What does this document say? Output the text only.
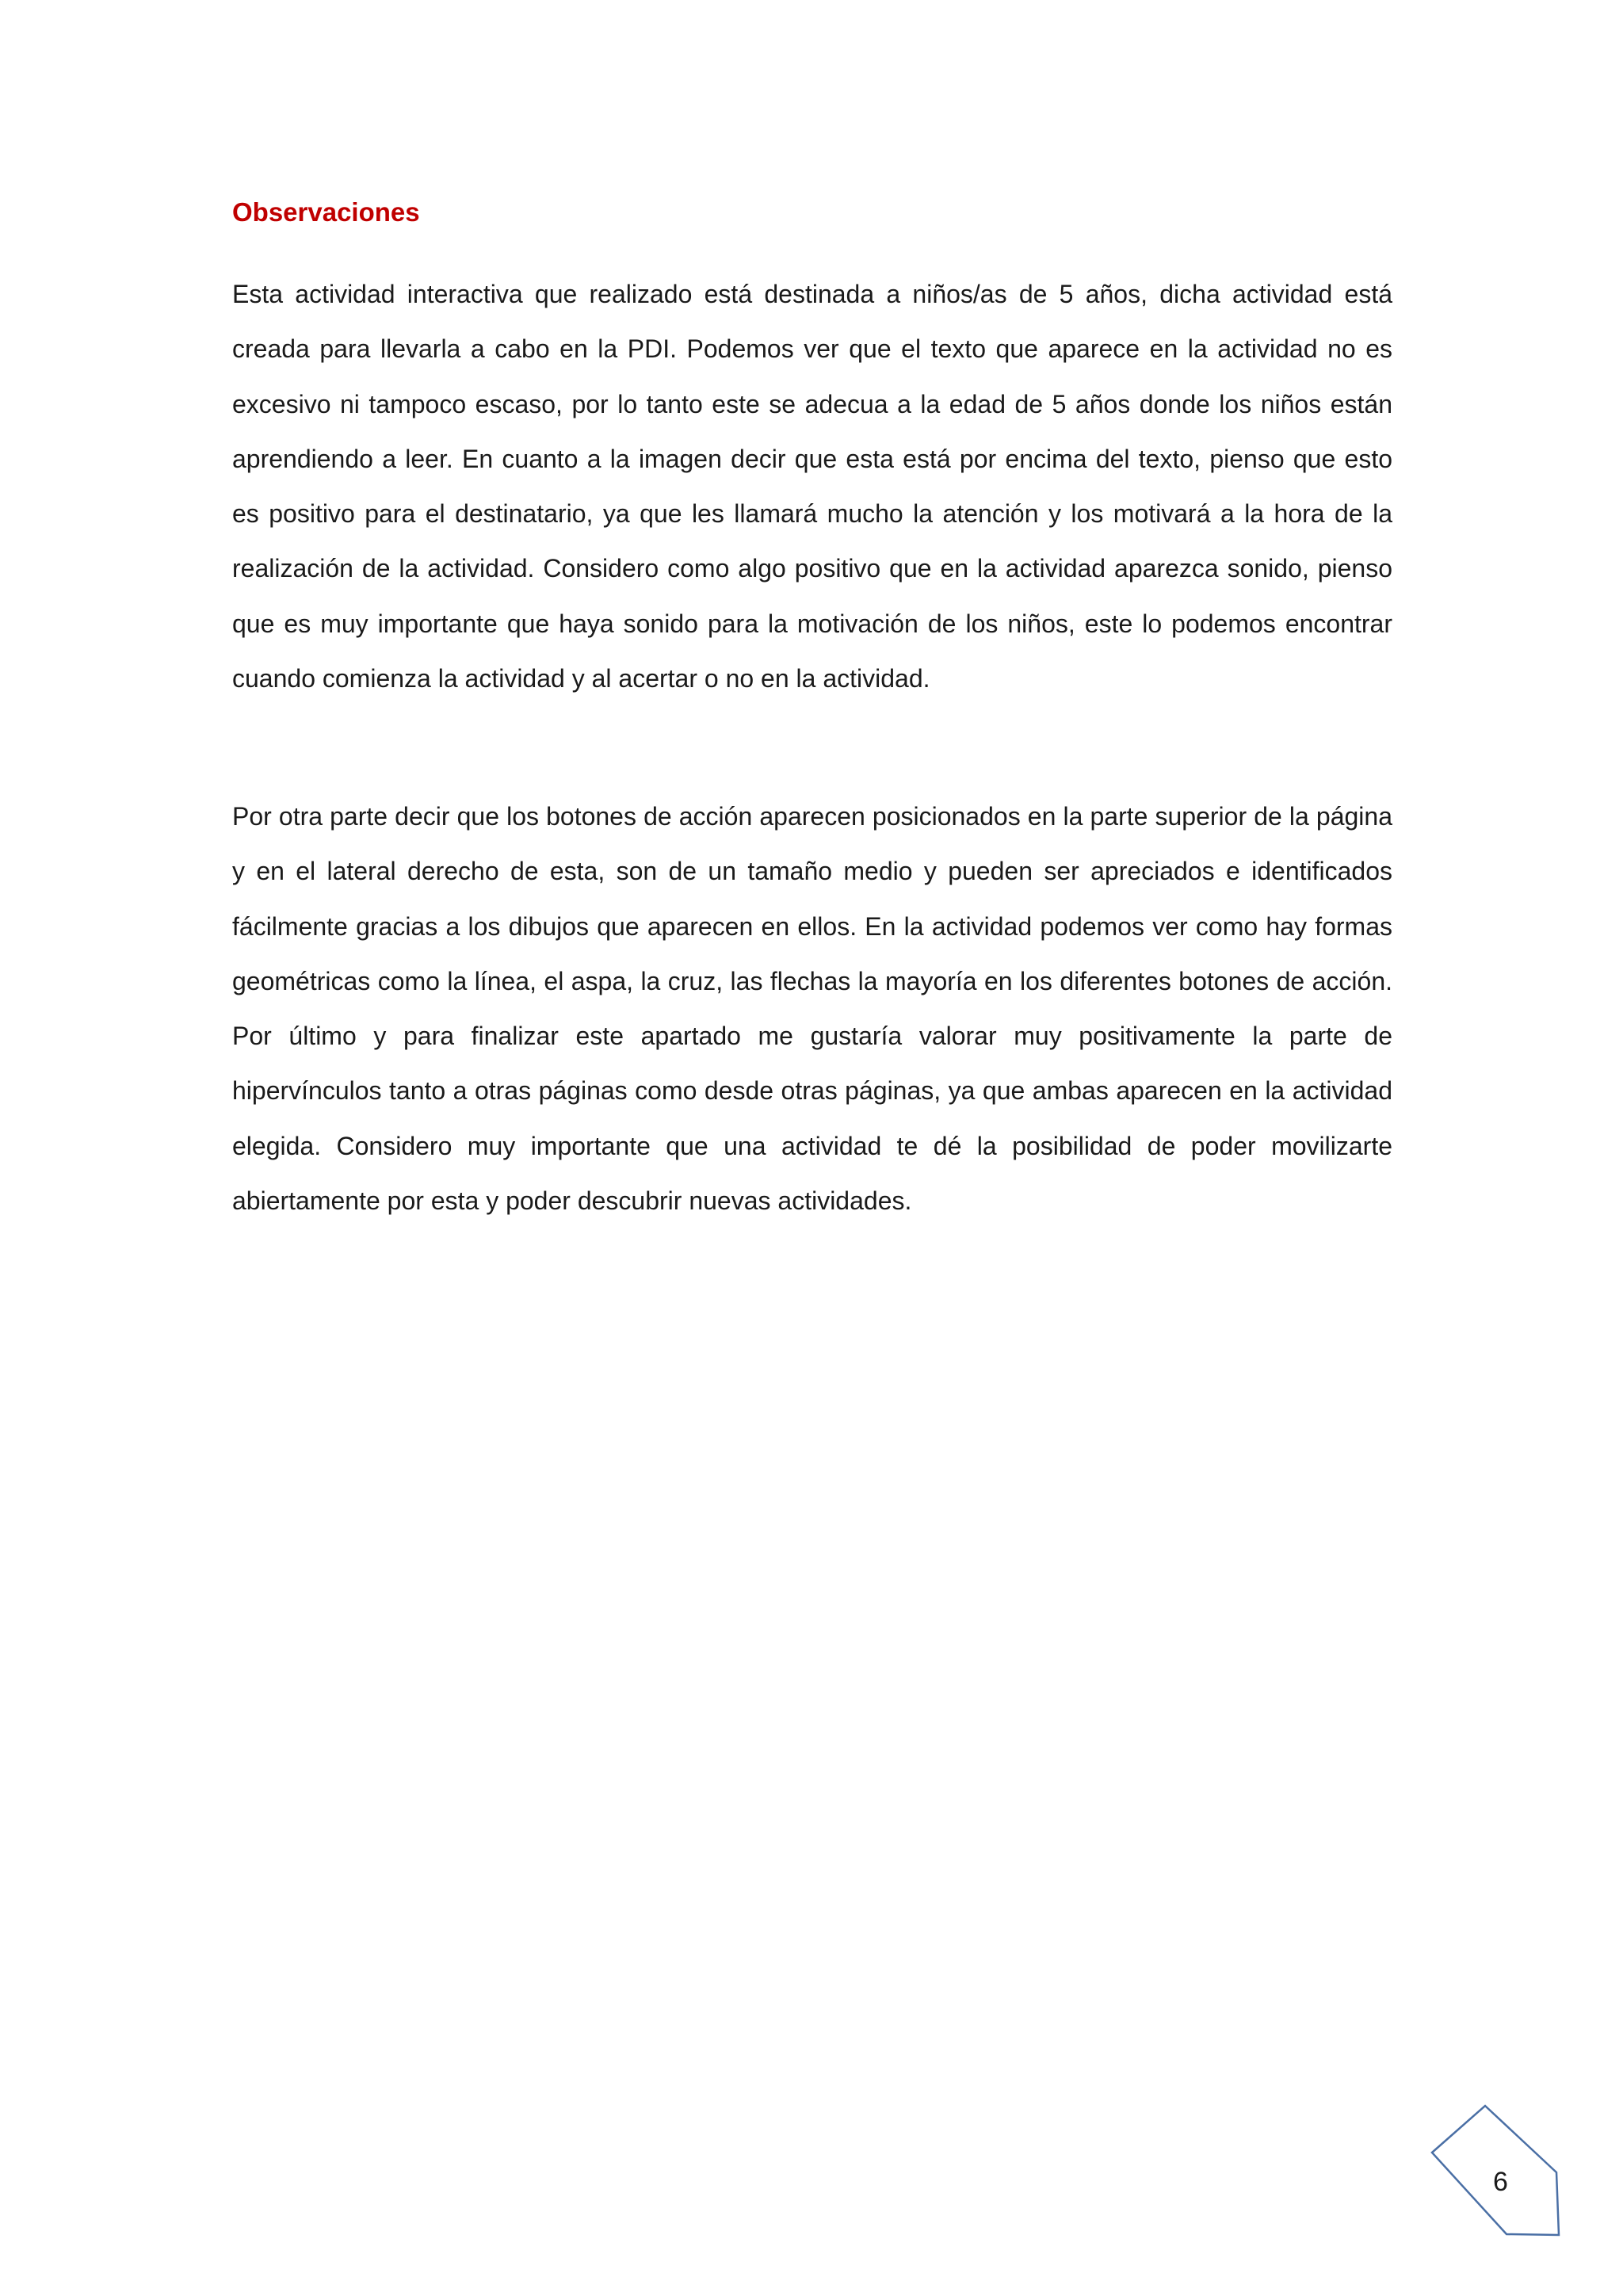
Observaciones

Esta actividad interactiva que realizado está destinada a niños/as de 5 años, dicha actividad está creada para llevarla a cabo en la PDI. Podemos ver que el texto que aparece en la actividad no es excesivo ni tampoco escaso, por lo tanto este se adecua a la edad de 5 años donde los niños están aprendiendo a leer. En cuanto a la imagen decir que esta está por encima del texto, pienso que esto es positivo para el destinatario, ya que les llamará mucho la atención y los motivará a la hora de la realización de la actividad. Considero como algo positivo que en la actividad aparezca sonido, pienso que es muy importante que haya sonido para la motivación de los niños, este lo podemos encontrar cuando comienza la actividad y al acertar o no en la actividad.

Por otra parte decir que los botones de acción aparecen posicionados en la parte superior de la página y en el lateral derecho de esta, son de un tamaño medio y pueden ser apreciados e identificados fácilmente gracias a los dibujos que aparecen en ellos. En la actividad podemos ver como hay formas geométricas como la línea, el aspa, la cruz, las flechas la mayoría en los diferentes botones de acción. Por último y para finalizar este apartado me gustaría valorar muy positivamente la parte de hipervínculos tanto a otras páginas como desde otras páginas, ya que ambas aparecen en la actividad elegida. Considero muy importante que una actividad te dé la posibilidad de poder movilizarte abiertamente por esta y poder descubrir nuevas actividades.

6
